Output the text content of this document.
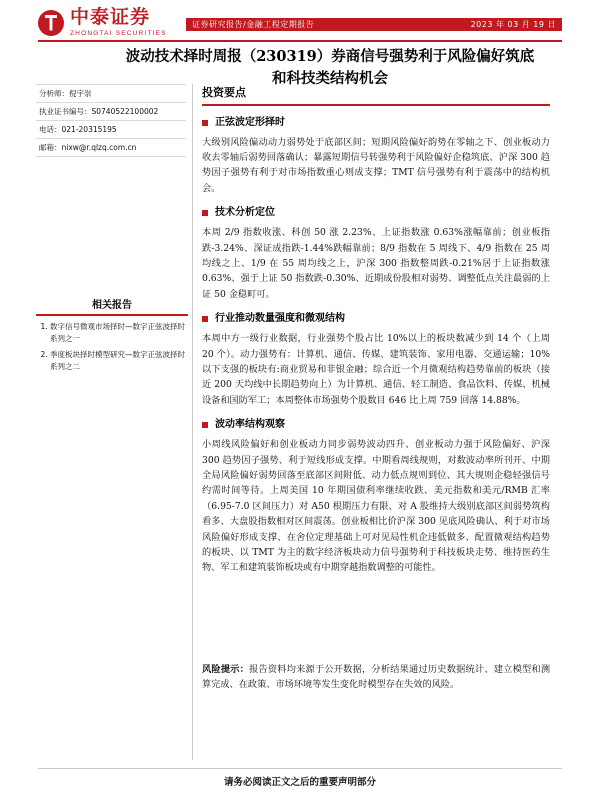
中泰证券
ZHONGTAI SECURITIES
证券研究报告/金融工程定期报告	2023 年 03 月 19 日
波动技术择时周报（230319）券商信号强势利于风险偏好筑底和科技类结构机会
分析师：倪宇崇
执业证书编号：S0740522100002
电话：021-20315195
邮箱：nixw@r.qlzq.com.cn
相关报告
1. 数字信号微观市场择时—数字正弦波择时系列之一
2. 季度板块择时模型研究—数字正弦波择时系列之二
投资要点
正弦波定形择时

大级别风险偏动动力弱势处于底部区间；短期风险偏好韵势在零轴之下、创业板动力收去零轴后弱势回落确认；暴露短期信号转强势利于风险偏好企稳筑底、沪深 300 趋势因子强势有利于对市场指数重心则成支撑；TMT 信号强势有利于震荡中的结构机会。

技术分析定位

本周 2/9 指数收涨、科创 50 涨 2.23%、上证指数涨 0.63%涨幅靠前；创业板指跌-3.24%、深证成指跌-1.44%跌幅靠前；8/9 指数在 5 周线下、4/9 指数在 25 周均线之上、1/9 在 55 周均线之上，沪深 300 指数整周跌-0.21%居于上证指数涨 0.63%、强于上证 50 指数跌-0.30%、近期成份股相对弱势、调整低点关注最弱的上证 50 金稳町可。

行业推动数量强度和微观结构

本周中方一级行业数据，行业强势个股占比 10%以上的板块数减少到 14 个（上周 20 个）。动力强势有：计算机、通信、传媒、建筑装饰、家用电器、交通运输；10%以下支强的板块有:商业贸易和非银金融；综合近一个月微观结构趋势靠前的板块（接近 200 天均线中长期趋势向上）为计算机、通信、轻工制造、食品饮料、传媒、机械设备和国防军工；本周整体市场强势个股数目 646 比上周 759 回落 14.88%。

波动率结构观察

小周线风险偏好和创业板动力同步弱势波动四升、创业板动力强于风险偏好、沪深 300 趋势因子强势、利于短线形成支撑。中期看周线规则，对数波动率所刊开、中期全局风险偏好弱势回落至底部区间附低、动力低点规则到位、其大规则企稳轻强信号约需时间等待。上周美国 10 年期国债利率继续收跌、美元指数和美元/RMB 汇率（6.95-7.0 区间压力）对 A50 根期压力有限、对 A 股维持大级别底部区间弱势筑构看多、大盘股指数相对区间震荡。创业板相比价沪深 300 见底风险确认、利于对市场风险偏好形成支撑、在舍位定理基础上可对见局性机企违低做多、配置微观结构趋势的板块、以 TMT 为主的数字经济板块动力信号强势利于科技板块走势、维持医药生物、军工和建筑装饰板块或有中期穿越指数调整的可能性。

风险提示：报告资料均来源于公开数据，分析结果通过历史数据统计、建立模型和测算完成、在政策、市场环境等发生变化时模型存在失效的风险。

请务必阅读正文之后的重要声明部分
